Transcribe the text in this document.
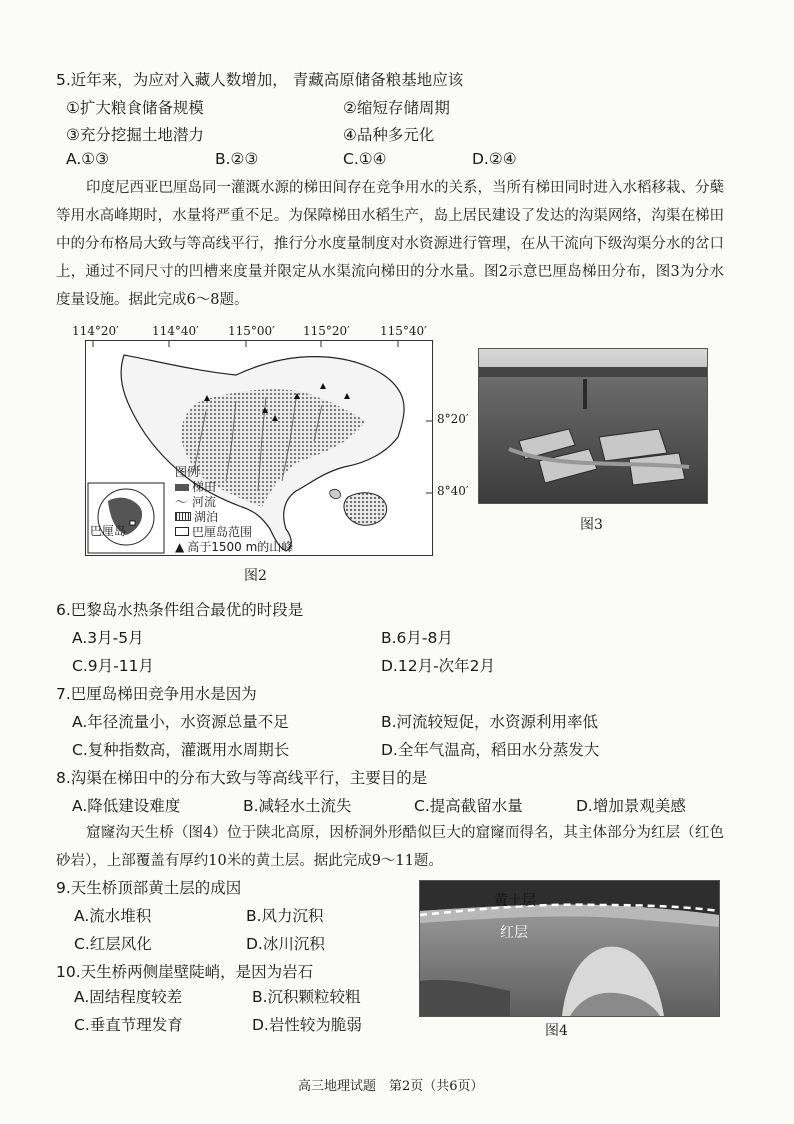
5.近年来，为应对入藏人数增加， 青藏高原储备粮基地应该
①扩大粮食储备规模	②缩短存储周期
③充分挖掘土地潜力	④品种多元化
A.①③	B.②③	C.①④	D.②④
印度尼西亚巴厘岛同一灌溉水源的梯田间存在竞争用水的关系，当所有梯田同时进入水稻移栽、分蘖等用水高峰期时，水量将严重不足。为保障梯田水稻生产，岛上居民建设了发达的沟渠网络，沟渠在梯田中的分布格局大致与等高线平行，推行分水度量制度对水资源进行管理，在从干流向下级沟渠分水的岔口上，通过不同尺寸的凹槽来度量并限定从水渠流向梯田的分水量。图2示意巴厘岛梯田分布，图3为分水度量设施。据此完成6～8题。
114°20′	114°40′ 115°00′ 115°20′	115°40′
图例
梯田
～ 河流
湖泊
巴厘岛范围
▲ 高于1500 m的山峰
巴厘岛
8°20′
8°40′
图2
图3
6.巴黎岛水热条件组合最优的时段是
A.3月-5月	B.6月-8月
C.9月-11月	D.12月-次年2月
7.巴厘岛梯田竞争用水是因为
A.年径流量小，水资源总量不足	B.河流较短促，水资源利用率低
C.复种指数高，灌溉用水周期长	D.全年气温高，稻田水分蒸发大
8.沟渠在梯田中的分布大致与等高线平行，主要目的是
A.降低建设难度	B.减轻水土流失	C.提高截留水量	D.增加景观美感
窟窿沟天生桥（图4）位于陕北高原，因桥洞外形酷似巨大的窟窿而得名，其主体部分为红层（红色砂岩），上部覆盖有厚约10米的黄土层。据此完成9～11题。
9.天生桥顶部黄土层的成因
A.流水堆积	B.风力沉积
C.红层风化	D.冰川沉积
10.天生桥两侧崖壁陡峭，是因为岩石
A.固结程度较差	B.沉积颗粒较粗
C.垂直节理发育	D.岩性较为脆弱
黄土层
红层
图4
高三地理试题　第2页（共6页）
